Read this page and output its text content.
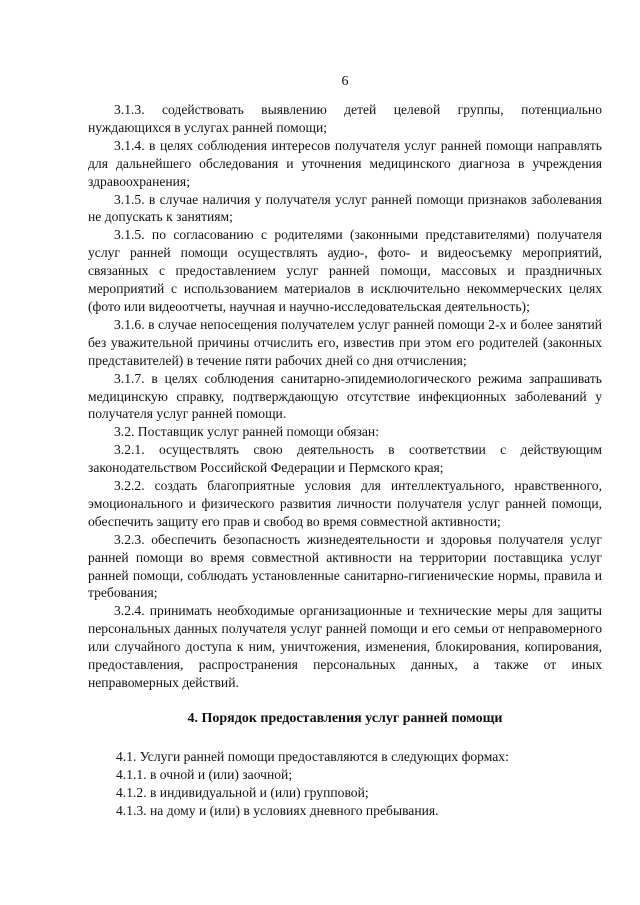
6

3.1.3. содействовать выявлению детей целевой группы, потенциально нуждающихся в услугах ранней помощи;

3.1.4. в целях соблюдения интересов получателя услуг ранней помощи направлять для дальнейшего обследования и уточнения медицинского диагноза в учреждения здравоохранения;

3.1.5. в случае наличия у получателя услуг ранней помощи признаков заболевания не допускать к занятиям;

3.1.5. по согласованию с родителями (законными представителями) получателя услуг ранней помощи осуществлять аудио-, фото- и видеосъемку мероприятий, связанных с предоставлением услуг ранней помощи, массовых и праздничных мероприятий с использованием материалов в исключительно некоммерческих целях (фото или видеоотчеты, научная и научно-исследовательская деятельность);

3.1.6. в случае непосещения получателем услуг ранней помощи 2-х и более занятий без уважительной причины отчислить его, известив при этом его родителей (законных представителей) в течение пяти рабочих дней со дня отчисления;

3.1.7. в целях соблюдения санитарно-эпидемиологического режима запрашивать медицинскую справку, подтверждающую отсутствие инфекционных заболеваний у получателя услуг ранней помощи.

3.2. Поставщик услуг ранней помощи обязан:

3.2.1. осуществлять свою деятельность в соответствии с действующим законодательством Российской Федерации и Пермского края;

3.2.2. создать благоприятные условия для интеллектуального, нравственного, эмоционального и физического развития личности получателя услуг ранней помощи, обеспечить защиту его прав и свобод во время совместной активности;

3.2.3. обеспечить безопасность жизнедеятельности и здоровья получателя услуг ранней помощи во время совместной активности на территории поставщика услуг ранней помощи, соблюдать установленные санитарно-гигиенические нормы, правила и требования;

3.2.4. принимать необходимые организационные и технические меры для защиты персональных данных получателя услуг ранней помощи и его семьи от неправомерного или случайного доступа к ним, уничтожения, изменения, блокирования, копирования, предоставления, распространения персональных данных, а также от иных неправомерных действий.

4. Порядок предоставления услуг ранней помощи

4.1. Услуги ранней помощи предоставляются в следующих формах:

4.1.1. в очной и (или) заочной;

4.1.2. в индивидуальной и (или) групповой;

4.1.3. на дому и (или) в условиях дневного пребывания.
